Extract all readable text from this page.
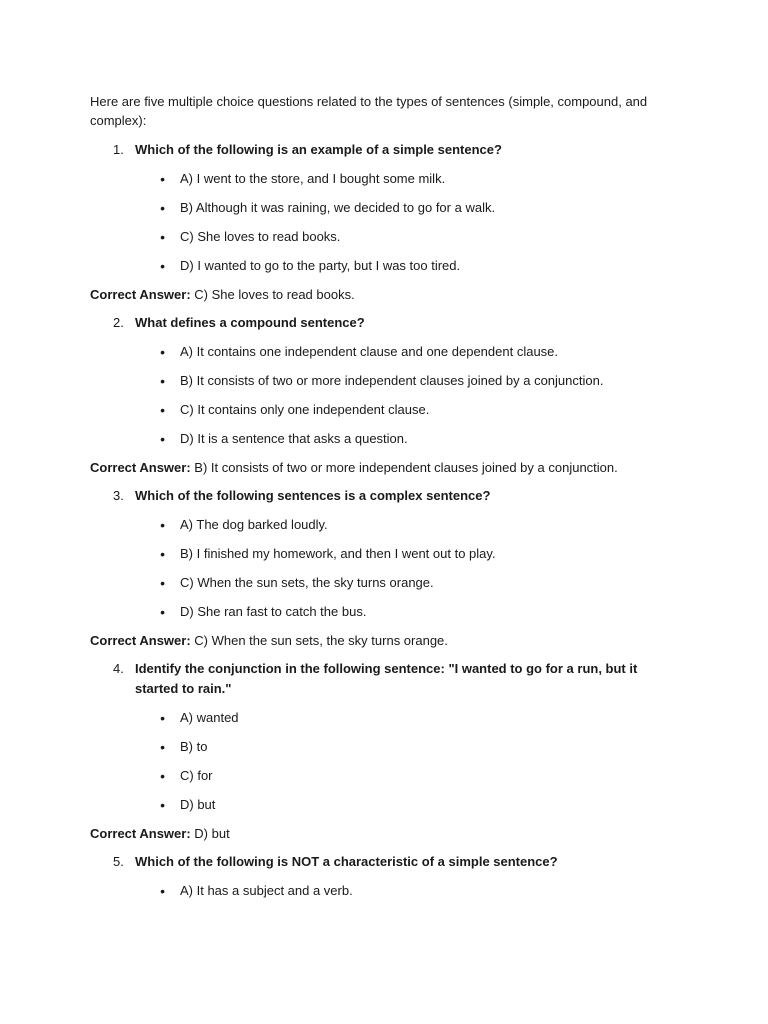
Here are five multiple choice questions related to the types of sentences (simple, compound, and complex):

1. Which of the following is an example of a simple sentence?
•	A) I went to the store, and I bought some milk.
•	B) Although it was raining, we decided to go for a walk.
•	C) She loves to read books.
•	D) I wanted to go to the party, but I was too tired.
Correct Answer: C) She loves to read books.
2. What defines a compound sentence?
•	A) It contains one independent clause and one dependent clause.
•	B) It consists of two or more independent clauses joined by a conjunction.
•	C) It contains only one independent clause.
•	D) It is a sentence that asks a question.
Correct Answer: B) It consists of two or more independent clauses joined by a conjunction.
3. Which of the following sentences is a complex sentence?
•	A) The dog barked loudly.
•	B) I finished my homework, and then I went out to play.
•	C) When the sun sets, the sky turns orange.
•	D) She ran fast to catch the bus.
Correct Answer: C) When the sun sets, the sky turns orange.
4. Identify the conjunction in the following sentence: "I wanted to go for a run, but it started to rain."
•	A) wanted
•	B) to
•	C) for
•	D) but
Correct Answer: D) but
5. Which of the following is NOT a characteristic of a simple sentence?
•	A) It has a subject and a verb.
